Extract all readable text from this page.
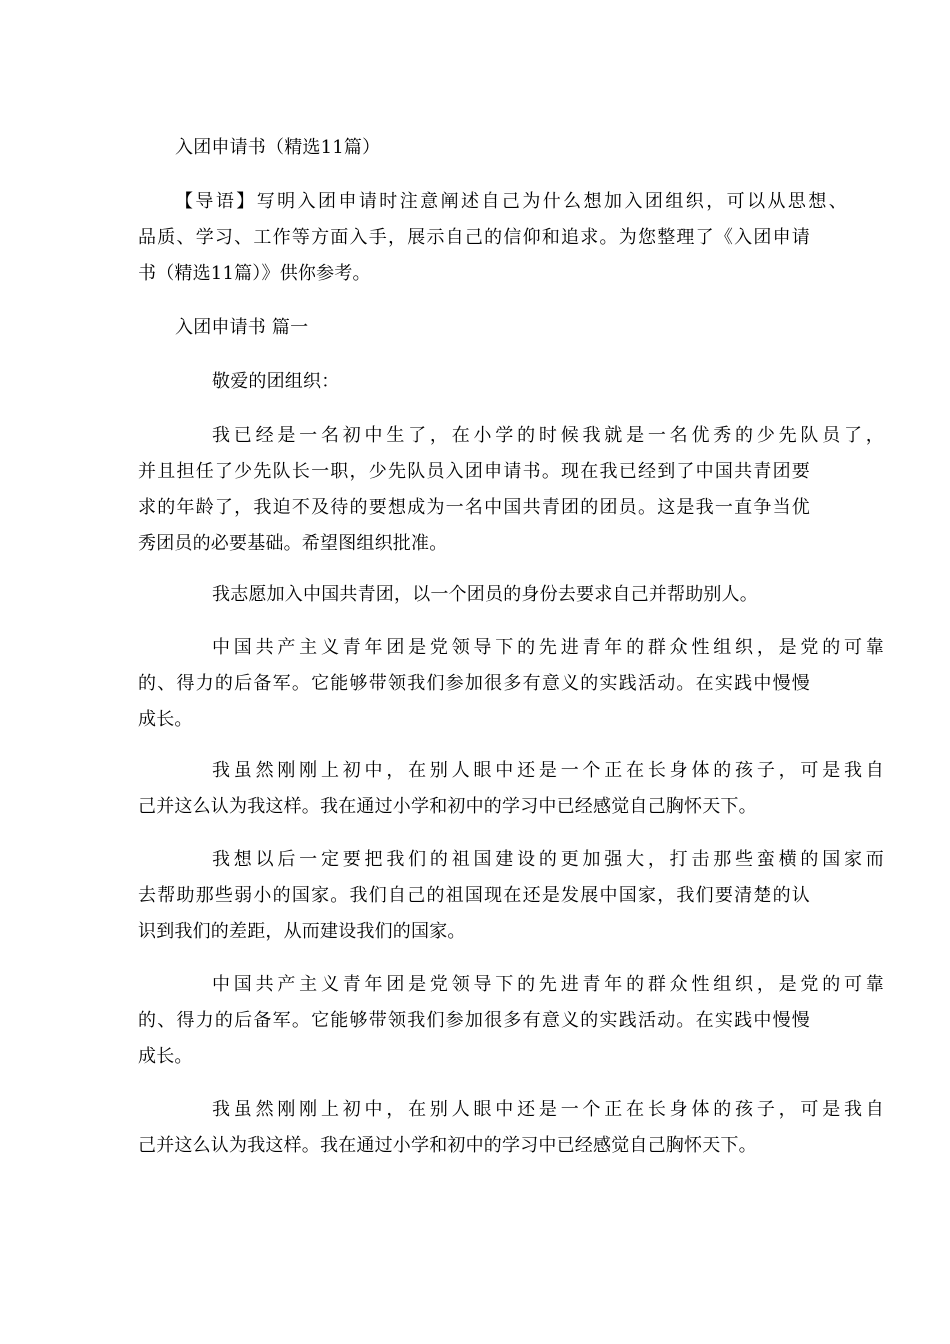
入团申请书（精选11篇）

【导语】写明入团申请时注意阐述自己为什么想加入团组织，可以从思想、

品质、学习、工作等方面入手，展示自己的信仰和追求。为您整理了《入团申请

书（精选11篇）》供你参考。

入团申请书 篇一

敬爱的团组织：

我已经是一名初中生了，在小学的时候我就是一名优秀的少先队员了，

并且担任了少先队长一职，少先队员入团申请书。现在我已经到了中国共青团要

求的年龄了，我迫不及待的要想成为一名中国共青团的团员。这是我一直争当优

秀团员的必要基础。希望图组织批准。

我志愿加入中国共青团，以一个团员的身份去要求自己并帮助别人。

中国共产主义青年团是党领导下的先进青年的群众性组织，是党的可靠

的、得力的后备军。它能够带领我们参加很多有意义的实践活动。在实践中慢慢

成长。

我虽然刚刚上初中，在别人眼中还是一个正在长身体的孩子，可是我自

己并这么认为我这样。我在通过小学和初中的学习中已经感觉自己胸怀天下。

我想以后一定要把我们的祖国建设的更加强大，打击那些蛮横的国家而

去帮助那些弱小的国家。我们自己的祖国现在还是发展中国家，我们要清楚的认

识到我们的差距，从而建设我们的国家。

中国共产主义青年团是党领导下的先进青年的群众性组织，是党的可靠

的、得力的后备军。它能够带领我们参加很多有意义的实践活动。在实践中慢慢

成长。

我虽然刚刚上初中，在别人眼中还是一个正在长身体的孩子，可是我自

己并这么认为我这样。我在通过小学和初中的学习中已经感觉自己胸怀天下。
